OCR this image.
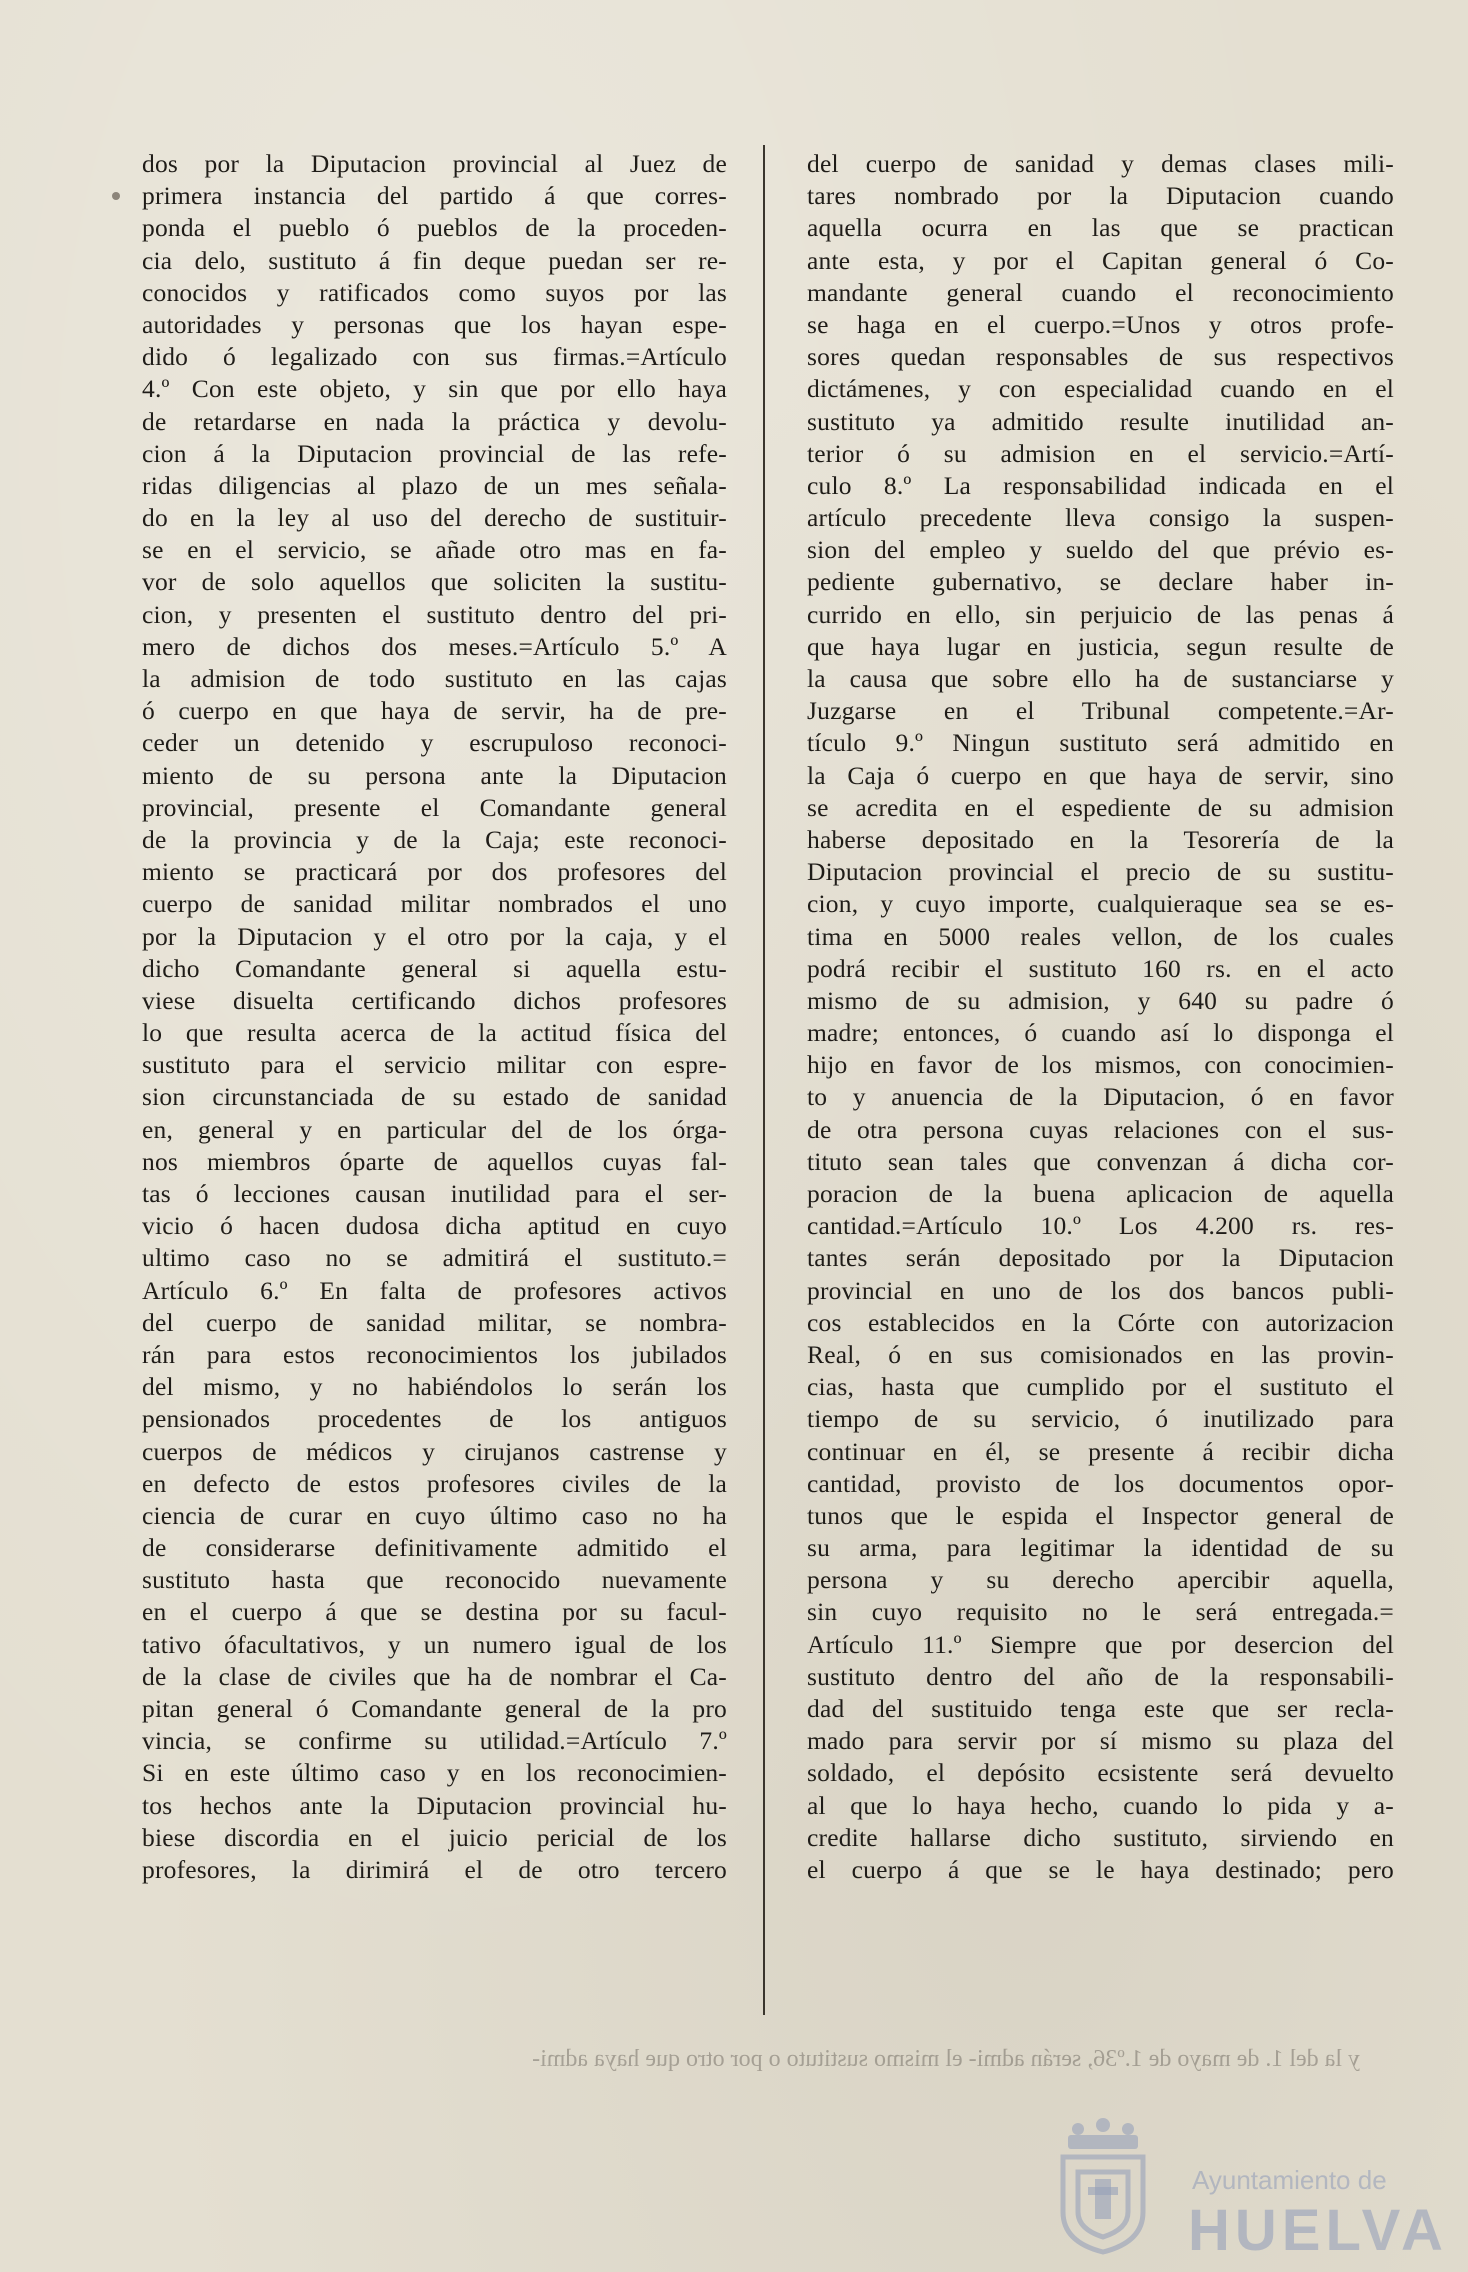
dos por la Diputacion provincial al Juez de
primera instancia del partido á que corres-
ponda el pueblo ó pueblos de la proceden-
cia delo, sustituto á fin deque puedan ser re-
conocidos y ratificados como suyos por las
autoridades y personas que los hayan espe-
dido ó legalizado con sus firmas.=Artículo
4.º Con este objeto, y sin que por ello haya
de retardarse en nada la práctica y devolu-
cion á la Diputacion provincial de las refe-
ridas diligencias al plazo de un mes señala-
do en la ley al uso del derecho de sustituir-
se en el servicio, se añade otro mas en fa-
vor de solo aquellos que soliciten la sustitu-
cion, y presenten el sustituto dentro del pri-
mero de dichos dos meses.=Artículo 5.º A
la admision de todo sustituto en las cajas
ó cuerpo en que haya de servir, ha de pre-
ceder un detenido y escrupuloso reconoci-
miento de su persona ante la Diputacion
provincial, presente el Comandante general
de la provincia y de la Caja; este reconoci-
miento se practicará por dos profesores del
cuerpo de sanidad militar nombrados el uno
por la Diputacion y el otro por la caja, y el
dicho Comandante general si aquella estu-
viese disuelta certificando dichos profesores
lo que resulta acerca de la actitud física del
sustituto para el servicio militar con espre-
sion circunstanciada de su estado de sanidad
en, general y en particular del de los órga-
nos miembros óparte de aquellos cuyas fal-
tas ó lecciones causan inutilidad para el ser-
vicio ó hacen dudosa dicha aptitud en cuyo
ultimo caso no se admitirá el sustituto.=
Artículo 6.º En falta de profesores activos
del cuerpo de sanidad militar, se nombra-
rán para estos reconocimientos los jubilados
del mismo, y no habiéndolos lo serán los
pensionados procedentes de los antiguos
cuerpos de médicos y cirujanos castrense y
en defecto de estos profesores civiles de la
ciencia de curar en cuyo último caso no ha
de considerarse definitivamente admitido el
sustituto hasta que reconocido nuevamente
en el cuerpo á que se destina por su facul-
tativo ófacultativos, y un numero igual de los
de la clase de civiles que ha de nombrar el Ca-
pitan general ó Comandante general de la pro
vincia, se confirme su utilidad.=Artículo 7.º
Si en este último caso y en los reconocimien-
tos hechos ante la Diputacion provincial hu-
biese discordia en el juicio pericial de los
profesores, la dirimirá el de otro tercero
del cuerpo de sanidad y demas clases mili-
tares nombrado por la Diputacion cuando
aquella ocurra en las que se practican
ante esta, y por el Capitan general ó Co-
mandante general cuando el reconocimiento
se haga en el cuerpo.=Unos y otros profe-
sores quedan responsables de sus respectivos
dictámenes, y con especialidad cuando en el
sustituto ya admitido resulte inutilidad an-
terior ó su admision en el servicio.=Artí-
culo 8.º La responsabilidad indicada en el
artículo precedente lleva consigo la suspen-
sion del empleo y sueldo del que prévio es-
pediente gubernativo, se declare haber in-
currido en ello, sin perjuicio de las penas á
que haya lugar en justicia, segun resulte de
la causa que sobre ello ha de sustanciarse y
Juzgarse en el Tribunal competente.=Ar-
tículo 9.º Ningun sustituto será admitido en
la Caja ó cuerpo en que haya de servir, sino
se acredita en el espediente de su admision
haberse depositado en la Tesorería de la
Diputacion provincial el precio de su sustitu-
cion, y cuyo importe, cualquieraque sea se es-
tima en 5000 reales vellon, de los cuales
podrá recibir el sustituto 160 rs. en el acto
mismo de su admision, y 640 su padre ó
madre; entonces, ó cuando así lo disponga el
hijo en favor de los mismos, con conocimien-
to y anuencia de la Diputacion, ó en favor
de otra persona cuyas relaciones con el sus-
tituto sean tales que convenzan á dicha cor-
poracion de la buena aplicacion de aquella
cantidad.=Artículo 10.º Los 4.200 rs. res-
tantes serán depositado por la Diputacion
provincial en uno de los dos bancos publi-
cos establecidos en la Córte con autorizacion
Real, ó en sus comisionados en las provin-
cias, hasta que cumplido por el sustituto el
tiempo de su servicio, ó inutilizado para
continuar en él, se presente á recibir dicha
cantidad, provisto de los documentos opor-
tunos que le espida el Inspector general de
su arma, para legitimar la identidad de su
persona y su derecho apercibir aquella,
sin cuyo requisito no le será entregada.=
Artículo 11.º Siempre que por desercion del
sustituto dentro del año de la responsabili-
dad del sustituido tenga este que ser recla-
mado para servir por sí mismo su plaza del
soldado, el depósito ecsistente será devuelto
al que lo haya hecho, cuando lo pida y a-
credite hallarse dicho sustituto, sirviendo en
el cuerpo á que se le haya destinado; pero
y la del 1. de mayo de 1.º36, serán admi- el mismo sustituto o por otro que haya admi-
Ayuntamiento de
HUELVA
